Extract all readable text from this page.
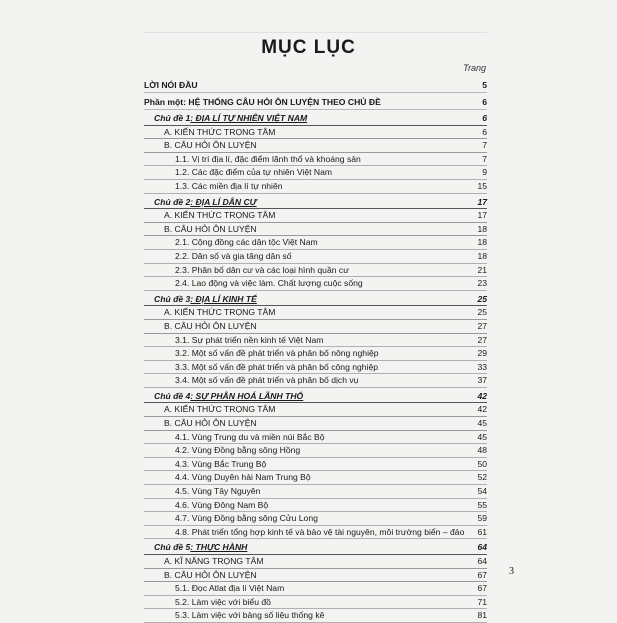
MỤC LỤC
Trang
LỜI NÓI ĐẦU	5
Phần một: HỆ THỐNG CÂU HỎI ÔN LUYỆN THEO CHỦ ĐỀ	6
Chủ đề 1: ĐỊA LÍ TỰ NHIÊN VIỆT NAM	6
A. KIẾN THỨC TRỌNG TÂM	6
B. CÂU HỎI ÔN LUYỆN	7
1.1. Vị trí địa lí, đặc điểm lãnh thổ và khoáng sản	7
1.2. Các đặc điểm của tự nhiên Việt Nam	9
1.3. Các miền địa lí tự nhiên	15
Chủ đề 2: ĐỊA LÍ DÂN CƯ	17
A. KIẾN THỨC TRỌNG TÂM	17
B. CÂU HỎI ÔN LUYỆN	18
2.1. Cộng đồng các dân tộc Việt Nam	18
2.2. Dân số và gia tăng dân số	18
2.3. Phân bố dân cư và các loại hình quần cư	21
2.4. Lao động và việc làm. Chất lượng cuộc sống	23
Chủ đề 3: ĐỊA LÍ KINH TẾ	25
A. KIẾN THỨC TRỌNG TÂM	25
B. CÂU HỎI ÔN LUYỆN	27
3.1. Sự phát triển nền kinh tế Việt Nam	27
3.2. Một số vấn đề phát triển và phân bố nông nghiệp	29
3.3. Một số vấn đề phát triển và phân bố công nghiệp	33
3.4. Một số vấn đề phát triển và phân bố dịch vụ	37
Chủ đề 4: SỰ PHÂN HOÁ LÃNH THỔ	42
A. KIẾN THỨC TRỌNG TÂM	42
B. CÂU HỎI ÔN LUYỆN	45
4.1. Vùng Trung du và miền núi Bắc Bộ	45
4.2. Vùng Đồng bằng sông Hồng	48
4.3. Vùng Bắc Trung Bộ	50
4.4. Vùng Duyên hải Nam Trung Bộ	52
4.5. Vùng Tây Nguyên	54
4.6. Vùng Đông Nam Bộ	55
4.7. Vùng Đồng bằng sông Cửu Long	59
4.8. Phát triển tổng hợp kinh tế và bảo vệ tài nguyên, môi trường biển – đảo 61
Chủ đề 5: THỰC HÀNH	64
A. KĨ NĂNG TRỌNG TÂM	64
B. CÂU HỎI ÔN LUYỆN	67
5.1. Đọc Atlat địa lí Việt Nam	67
5.2. Làm việc với biểu đồ	71
5.3. Làm việc với bảng số liệu thống kê	81
3
